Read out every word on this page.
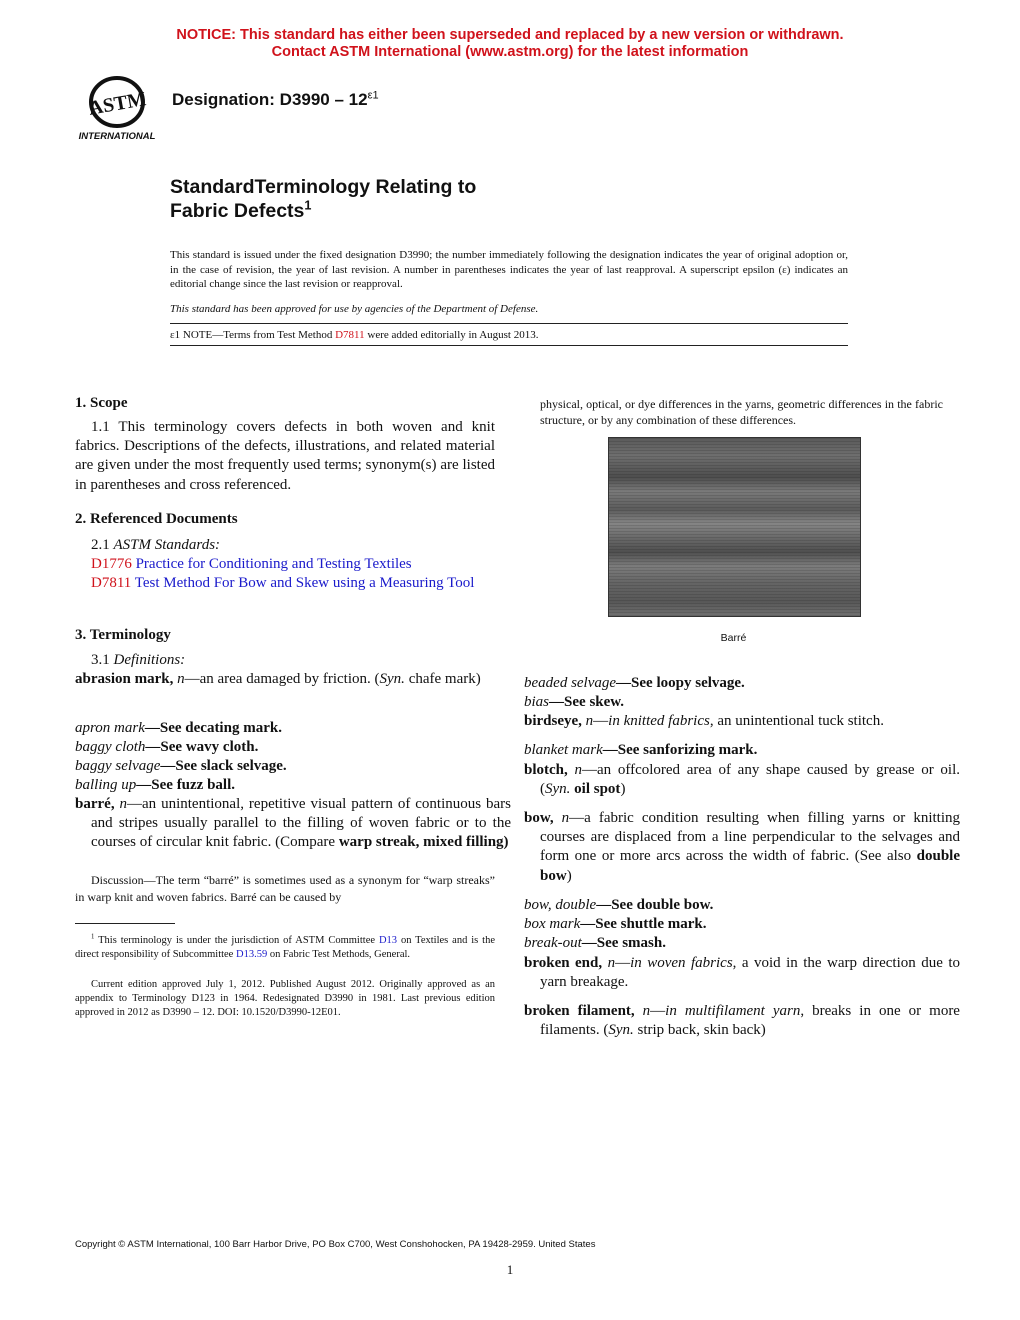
NOTICE: This standard has either been superseded and replaced by a new version or withdrawn.
Contact ASTM International (www.astm.org) for the latest information
ASTM
INTERNATIONAL
Designation: $D3990 - 12^{\varepsilon 1}$
StandardTerminology Relating to
Fabric Defects$^1$
This standard is issued under the fixed designation D3990; the number immediately following the designation indicates the year of original adoption or, in the case of revision, the year of last revision. A number in parentheses indicates the year of last reapproval. A superscript epsilon (ε) indicates an editorial change since the last revision or reapproval.
This standard has been approved for use by agencies of the Department of Defense.
ε1 NOTE—Terms from Test Method D7811 were added editorially in August 2013.
1. Scope
1.1 This terminology covers defects in both woven and knit fabrics. Descriptions of the defects, illustrations, and related material are given under the most frequently used terms; synonym(s) are listed in parentheses and cross referenced.
2. Referenced Documents
2.1 ASTM Standards:
D1776 Practice for Conditioning and Testing Textiles
D7811 Test Method For Bow and Skew using a Measuring Tool
3. Terminology
3.1 Definitions:
abrasion mark, n—an area damaged by friction. (Syn. chafe mark)
apron mark—See decating mark.
baggy cloth—See wavy cloth.
baggy selvage—See slack selvage.
balling up—See fuzz ball.
barré, n—an unintentional, repetitive visual pattern of continuous bars and stripes usually parallel to the filling of woven fabric or to the courses of circular knit fabric. (Compare warp streak, mixed filling)
Discussion—The term “barré” is sometimes used as a synonym for “warp streaks” in warp knit and woven fabrics. Barré can be caused by
$^1$ This terminology is under the jurisdiction of ASTM Committee D13 on Textiles and is the direct responsibility of Subcommittee D13.59 on Fabric Test Methods, General.
Current edition approved July 1, 2012. Published August 2012. Originally approved as an appendix to Terminology D123 in 1964. Redesignated D3990 in 1981. Last previous edition approved in 2012 as D3990 – 12. DOI: 10.1520/D3990-12E01.
physical, optical, or dye differences in the yarns, geometric differences in the fabric structure, or by any combination of these differences.
Barré
beaded selvage—See loopy selvage.
bias—See skew.
birdseye, n—in knitted fabrics, an unintentional tuck stitch.
blanket mark—See sanforizing mark.
blotch, n—an offcolored area of any shape caused by grease or oil. (Syn. oil spot)
bow, n—a fabric condition resulting when filling yarns or knitting courses are displaced from a line perpendicular to the selvages and form one or more arcs across the width of fabric. (See also double bow)
bow, double—See double bow.
box mark—See shuttle mark.
break-out—See smash.
broken end, n—in woven fabrics, a void in the warp direction due to yarn breakage.
broken filament, n—in multifilament yarn, breaks in one or more filaments. (Syn. strip back, skin back)
Copyright © ASTM International, 100 Barr Harbor Drive, PO Box C700, West Conshohocken, PA 19428-2959. United States
1
